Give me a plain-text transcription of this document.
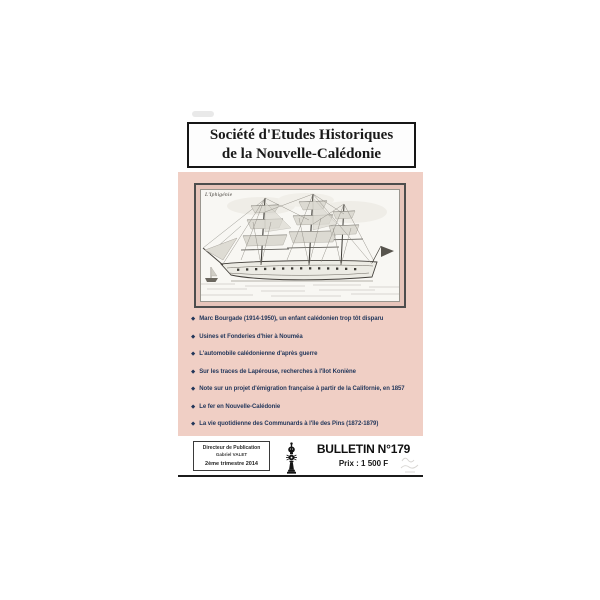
Société d'Etudes Historiques
de la Nouvelle-Calédonie
L'Iphigénie
◆ Marc Bourgade (1914-1950), un enfant calédonien trop tôt disparu
◆ Usines et Fonderies d'hier à Nouméa
◆ L'automobile calédonienne d'après guerre
◆ Sur les traces de Lapérouse, recherches à l'îlot Koniène
◆ Note sur un projet d'émigration française à partir de la Californie, en 1857
◆ Le fer en Nouvelle-Calédonie
◆ La vie quotidienne des Communards à l'île des Pins (1872-1879)
Directeur de Publication
Gabriel VALET
2ème trimestre 2014
BULLETIN N°179
Prix : 1 500 F
